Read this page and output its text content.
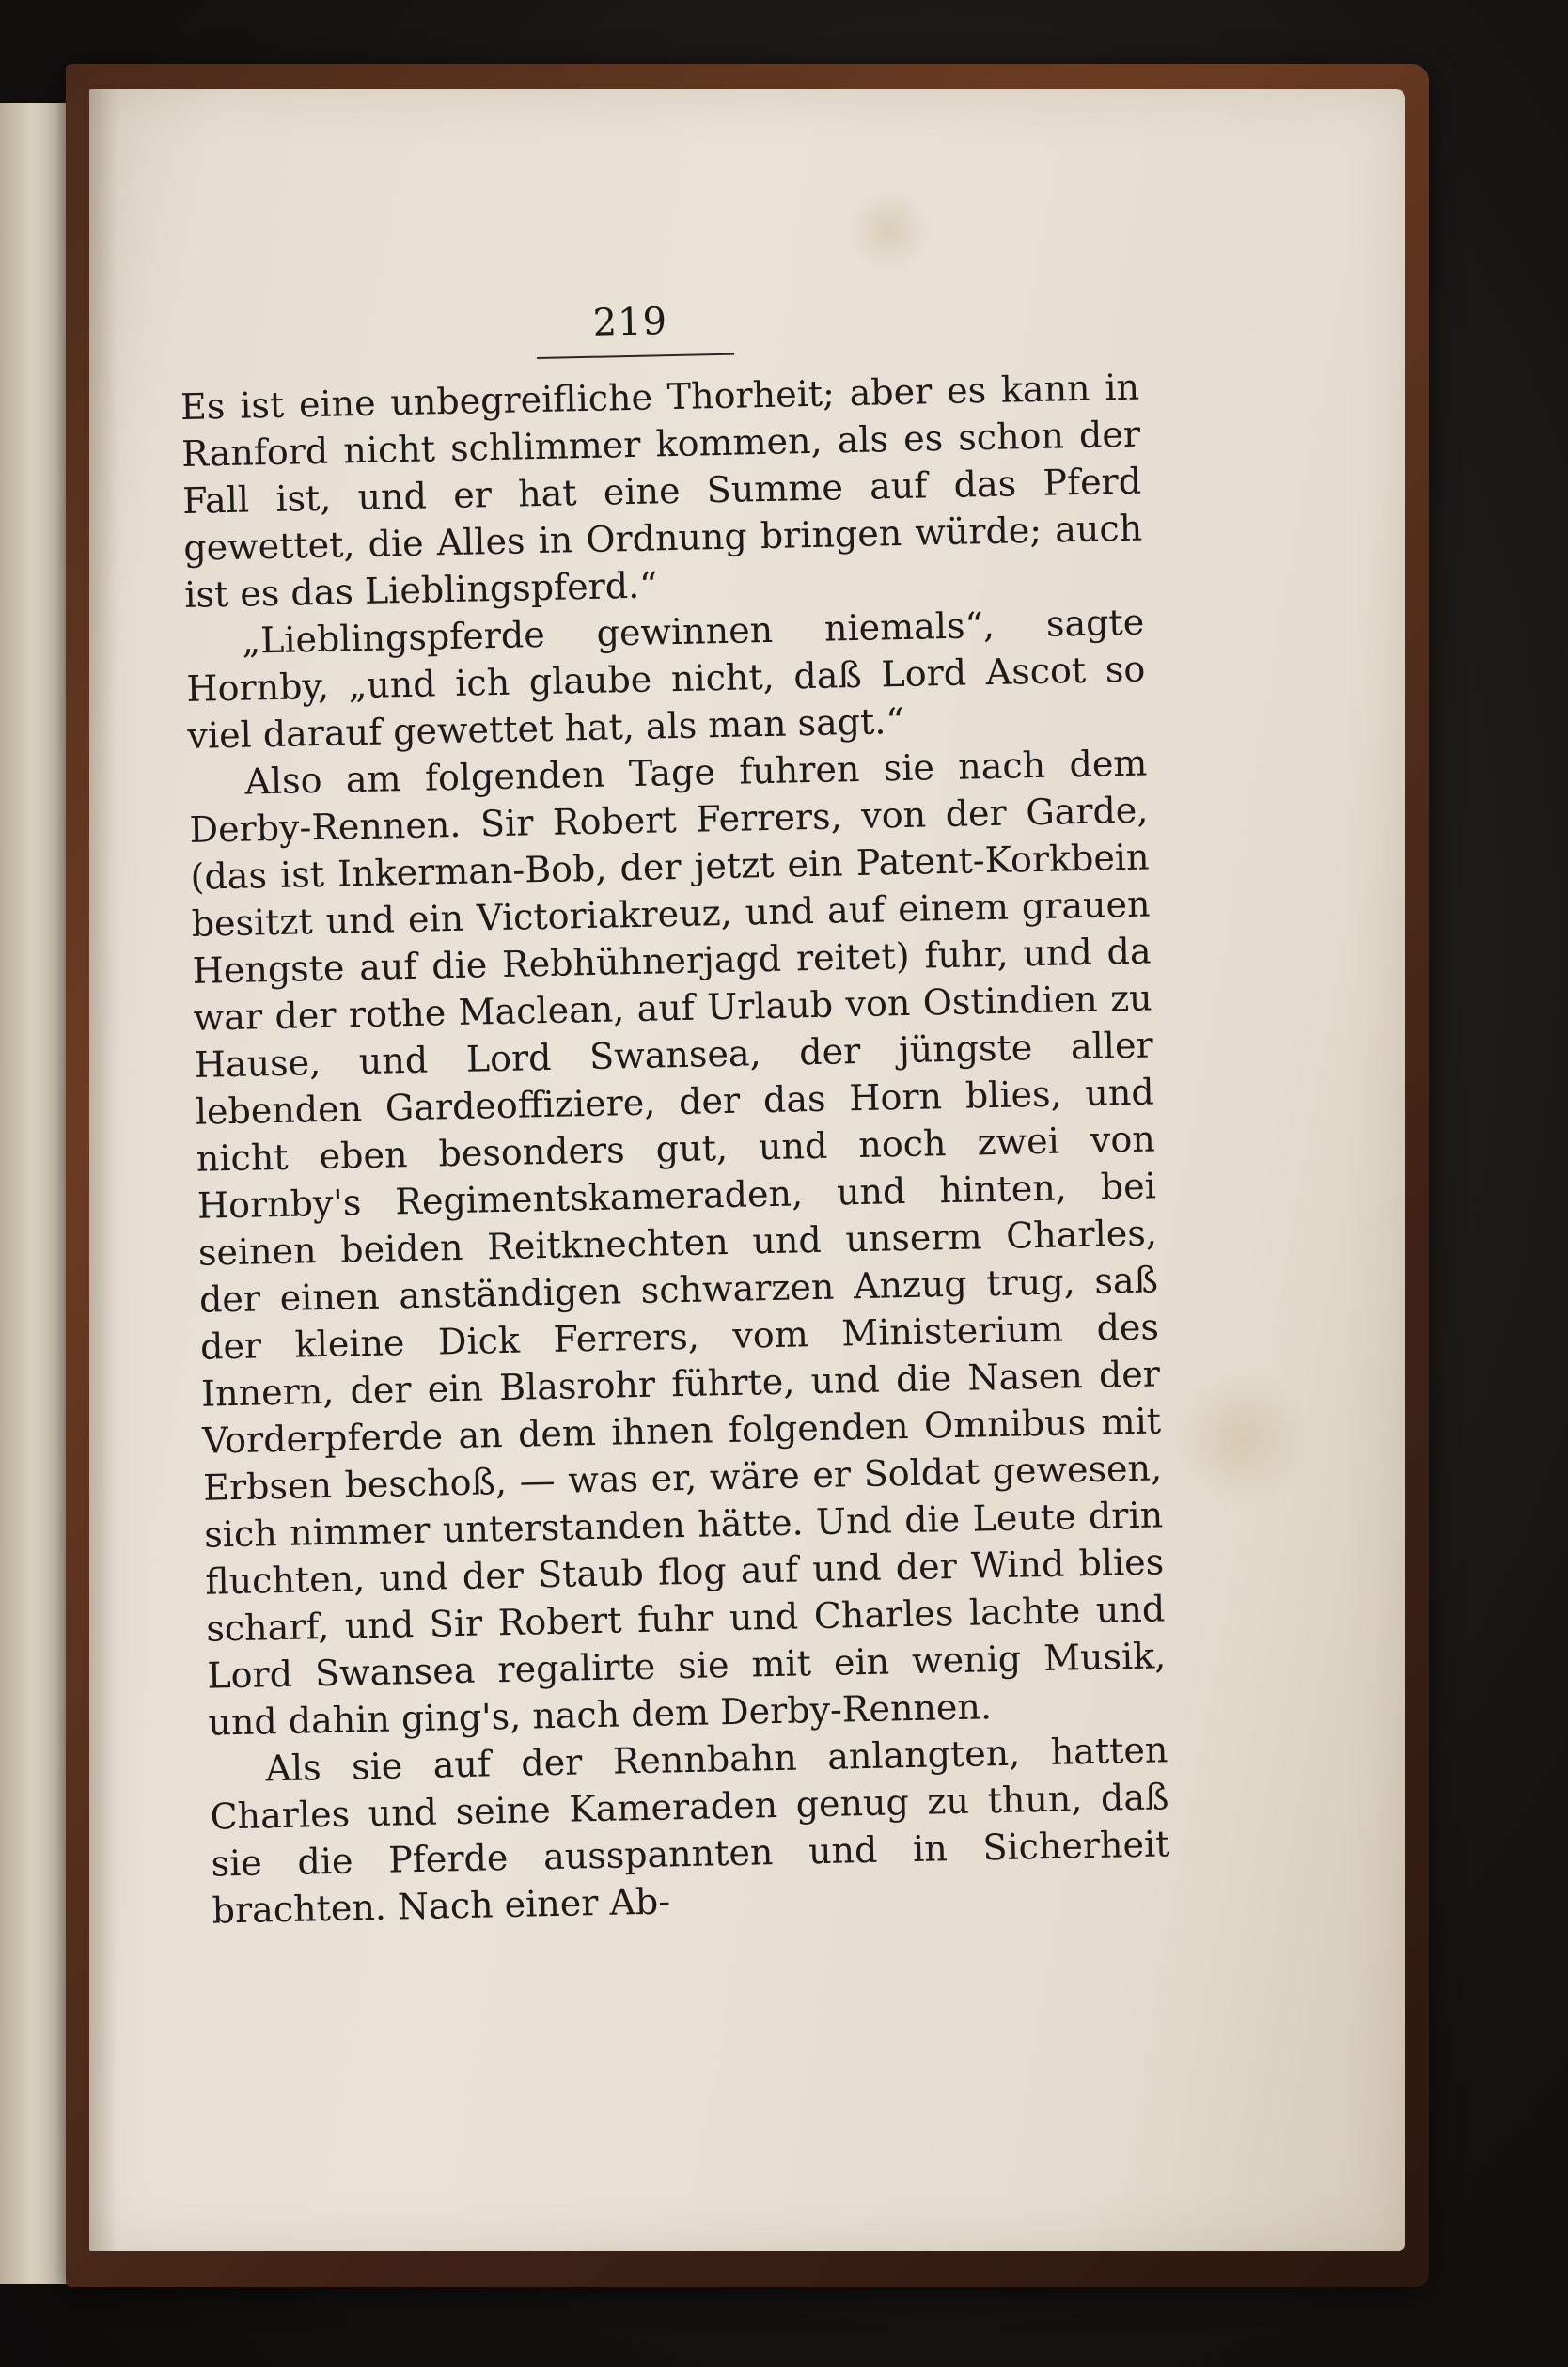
219

Es ist eine unbegreifliche Thorheit; aber es kann in Ranford nicht schlimmer kommen, als es schon der Fall ist, und er hat eine Summe auf das Pferd gewettet, die Alles in Ordnung bringen würde; auch ist es das Lieblingspferd.“

„Lieblingspferde gewinnen niemals“, sagte Hornby, „und ich glaube nicht, daß Lord Ascot so viel darauf gewettet hat, als man sagt.“

Also am folgenden Tage fuhren sie nach dem Derby-Rennen. Sir Robert Ferrers, von der Garde, (das ist Inkerman-Bob, der jetzt ein Patent-Korkbein besitzt und ein Victoriakreuz, und auf einem grauen Hengste auf die Rebhühnerjagd reitet) fuhr, und da war der rothe Maclean, auf Urlaub von Ostindien zu Hause, und Lord Swansea, der jüngste aller lebenden Gardeoffiziere, der das Horn blies, und nicht eben besonders gut, und noch zwei von Hornby's Regimentskameraden, und hinten, bei seinen beiden Reitknechten und unserm Charles, der einen anständigen schwarzen Anzug trug, saß der kleine Dick Ferrers, vom Ministerium des Innern, der ein Blasrohr führte, und die Nasen der Vorderpferde an dem ihnen folgenden Omnibus mit Erbsen beschoß, — was er, wäre er Soldat gewesen, sich nimmer unterstanden hätte. Und die Leute drin fluchten, und der Staub flog auf und der Wind blies scharf, und Sir Robert fuhr und Charles lachte und Lord Swansea regalirte sie mit ein wenig Musik, und dahin ging's, nach dem Derby-Rennen.

Als sie auf der Rennbahn anlangten, hatten Charles und seine Kameraden genug zu thun, daß sie die Pferde ausspannten und in Sicherheit brachten. Nach einer Ab-
